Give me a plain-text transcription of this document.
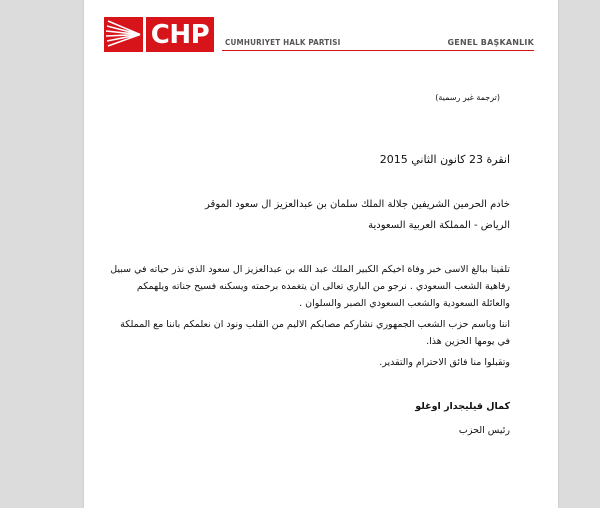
CHP	CUMHURIYET HALK PARTISI	GENEL BAŞKANLIK
(ترجمة غير رسمية)
انقرة 23 كانون الثاني 2015
خادم الحرمين الشريفين جلالة الملك سلمان بن عبدالعزيز ال سعود الموقر
الرياض - المملكة العربية السعودية
تلقينا ببالغ الاسى خبر وفاة اخيكم الكبير الملك عبد الله بن عبدالعزيز ال سعود الذي نذر حياته في سبيل
رفاهية الشعب السعودي . نرجو من الباري تعالى ان يتغمده برحمته ويسكنه فسيح جناته ويلهمكم
والعائلة السعودية والشعب السعودي الصبر والسلوان .
اننا وباسم حزب الشعب الجمهوري نشاركم مصابكم الاليم من القلب ونود ان نعلمكم باننا مع المملكة
في يومها الحزين هذا.
وتقبلوا منا فائق الاحترام والتقدير.
كمال قيليجدار اوغلو
رئيس الحزب
